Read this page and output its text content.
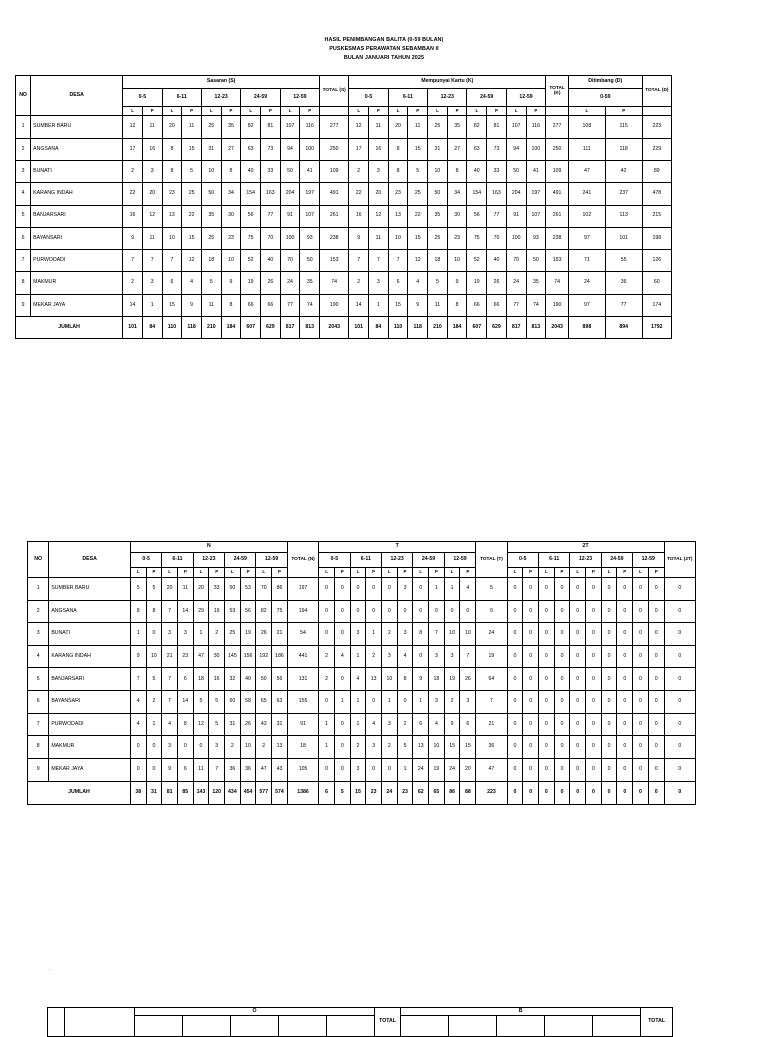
HASIL PENIMBANGAN BALITA (0-59 BULAN)
PUSKESMAS PERAWATAN SEBAMBAN II
BULAN JANUARI TAHUN 2025
NO	DESA	Sasaran (S)										TOTAL (S)	Mempunyai Kartu (K)										TOTAL (K)	Ditimbang (D)		TOTAL (D)
		0-5		6-11		12-23		24-59		12-59			0-5		6-11		12-23		24-59		12-59			0-59		
		L	P	L	P	L	P	L	P	L	P		L	P	L	P	L	P	L	P	L	P		L	P	
1	SUMBER BARU	12	11	20	11	25	35	82	81	107	116	277	12	11	20	11	25	35	82	81	107	116	277	108	115	223
2	ANGSANA	17	16	8	15	31	27	63	73	94	100	250	17	16	8	15	31	27	63	73	94	100	250	111	118	229
3	BUNATI	2	3	8	5	10	8	40	33	50	41	109	2	3	8	5	10	8	40	33	50	41	109	47	42	89
4	KARANG INDAH	22	20	23	25	50	34	154	163	204	197	491	22	20	23	25	50	34	154	163	204	197	491	241	237	478
5	BANJARSARI	16	12	13	22	35	30	56	77	91	107	261	16	12	13	22	35	30	56	77	91	107	261	102	113	215
6	BAYANSARI	9	11	10	15	25	23	75	70	100	93	238	9	11	10	15	25	23	75	70	100	93	238	97	101	198
7	PURWODADI	7	7	7	12	18	10	52	40	70	50	153	7	7	7	12	18	10	52	40	70	50	153	71	55	126
8	MAKMUR	2	3	6	4	5	9	19	26	24	35	74	2	3	6	4	5	9	19	26	24	35	74	24	36	60
9	MEKAR JAYA	14	1	15	9	11	8	66	66	77	74	190	14	1	15	9	11	8	66	66	77	74	190	97	77	174
JUMLAH		101	84	110	118	210	184	607	629	817	813	2043	101	84	110	118	210	184	607	629	817	813	2043	898	894	1792
NO	DESA	N										TOTAL (N)	T										TOTAL (T)	2T										TOTAL (2T)
		0-5		6-11		12-23		24-59		12-59			0-5		6-11		12-23		24-59		12-59			0-5		6-11		12-23		24-59		12-59		
		L	P	L	P	L	P	L	P	L	P		L	P	L	P	L	P	L	P	L	P		L	P	L	P	L	P	L	P	L	P	
1	SUMBER BARU	5	5	20	11	20	33	50	53	70	86	197	0	0	0	0	0	3	0	1	1	4	5	0	0	0	0	0	0	0	0	0	0	0
2	ANGSANA	8	8	7	14	29	19	53	56	82	75	194	0	0	0	0	0	0	0	0	0	0	0	0	0	0	0	0	0	0	0	0	0	0
3	BUNATI	1	0	3	3	1	2	25	19	26	21	54	0	0	3	1	2	3	8	7	10	10	24	0	0	0	0	0	0	0	0	0	0	0
4	KARANG INDAH	9	10	21	23	47	30	145	156	192	186	441	2	4	1	2	3	4	0	3	3	7	19	0	0	0	0	0	0	0	0	0	0	0
5	BANJARSARI	7	5	7	6	18	16	32	40	50	56	131	2	0	4	13	10	8	9	18	19	26	64	0	0	0	0	0	0	0	0	0	0	0
6	BAYANSARI	4	2	7	14	5	5	60	58	65	63	155	0	1	1	0	1	0	1	3	2	3	7	0	0	0	0	0	0	0	0	0	0	0
7	PURWODADI	4	1	4	8	12	5	31	26	43	31	91	1	0	1	4	3	2	6	4	9	6	21	0	0	0	0	0	0	0	0	0	0	0
8	MAKMUR	0	0	3	0	0	3	2	10	2	13	18	1	0	2	3	2	5	13	10	15	15	36	0	0	0	0	0	0	0	0	0	0	0
9	MEKAR JAYA	0	0	9	6	11	7	36	36	47	43	105	0	0	3	0	0	1	24	19	24	20	47	0	0	0	0	0	0	0	0	0	0	0
JUMLAH		38	31	81	85	143	120	434	454	577	574	1386	6	5	15	23	24	23	62	65	86	88	223	0	0	0	0	0	0	0	0	0	0	0
.
		O					TOTAL	B					TOTAL
